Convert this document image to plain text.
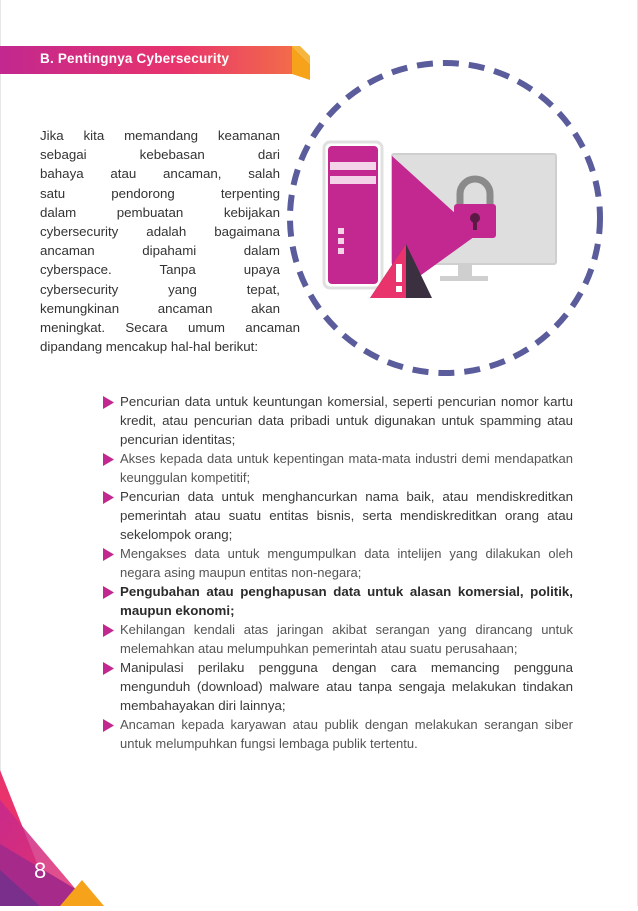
B. Pentingnya Cybersecurity
Jika kita memandang keamanan
sebagai kebebasan dari
bahaya atau ancaman, salah
satu pendorong terpenting
dalam pembuatan kebijakan
cybersecurity adalah bagaimana
ancaman dipahami dalam
cyberspace. Tanpa upaya
cybersecurity yang tepat,
kemungkinan ancaman akan
meningkat. Secara umum ancaman
dipandang mencakup hal-hal berikut:
Pencurian data untuk keuntungan komersial, seperti pencurian nomor kartu kredit, atau pencurian data pribadi untuk digunakan untuk spamming atau pencurian identitas;
Akses kepada data untuk kepentingan mata-mata industri demi mendapatkan keunggulan kompetitif;
Pencurian data untuk menghancurkan nama baik, atau mendiskreditkan pemerintah atau suatu entitas bisnis, serta mendiskreditkan orang atau sekelompok orang;
Mengakses data untuk mengumpulkan data intelijen yang dilakukan oleh negara asing maupun entitas non-negara;
Pengubahan atau penghapusan data untuk alasan komersial, politik, maupun ekonomi;
Kehilangan kendali atas jaringan akibat serangan yang dirancang untuk melemahkan atau melumpuhkan pemerintah atau suatu perusahaan;
Manipulasi perilaku pengguna dengan cara memancing pengguna mengunduh (download) malware atau tanpa sengaja melakukan tindakan membahayakan diri lainnya;
Ancaman kepada karyawan atau publik dengan melakukan serangan siber untuk melumpuhkan fungsi lembaga publik tertentu.
8
